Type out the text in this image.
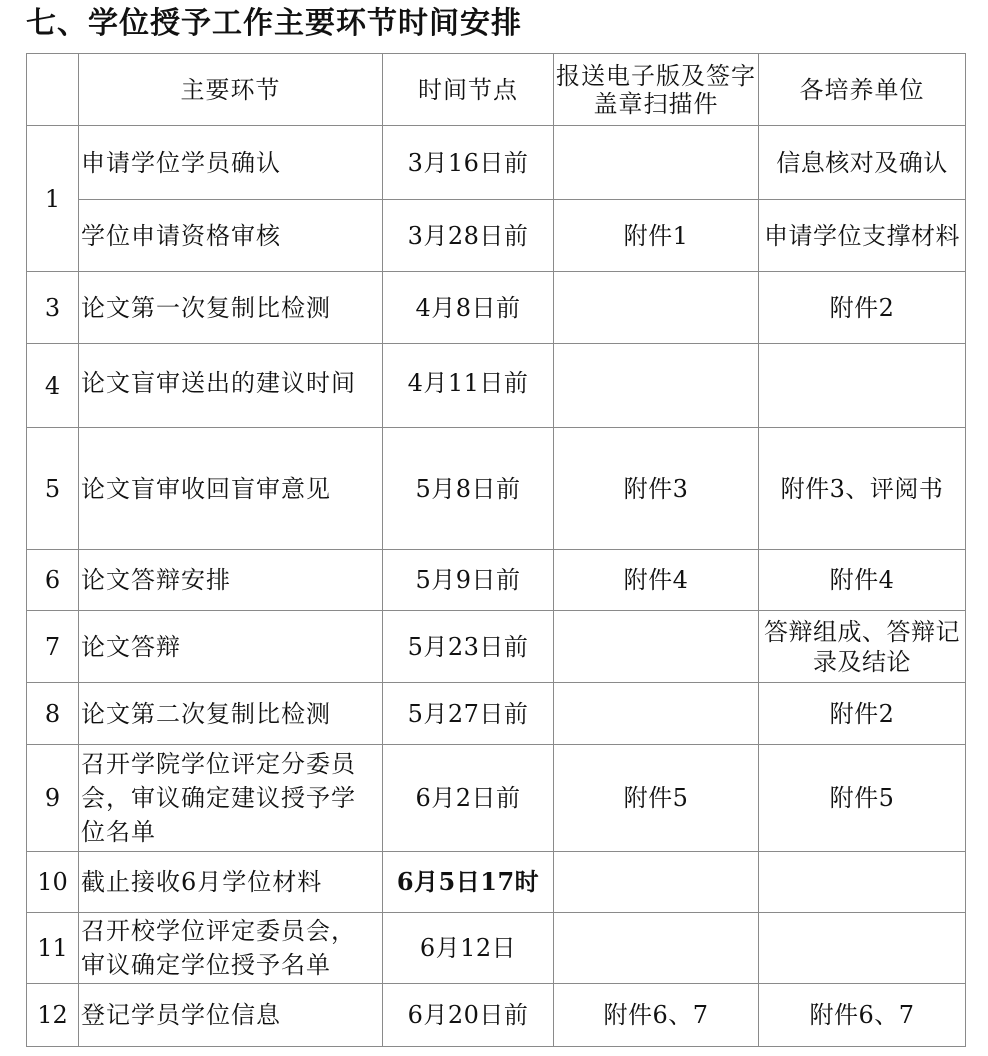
七、学位授予工作主要环节时间安排
	主要环节	时间节点	报送电子版及签字盖章扫描件	各培养单位
1	申请学位学员确认	3月16日前		信息核对及确认
	学位申请资格审核	3月28日前	附件1	申请学位支撑材料
3	论文第一次复制比检测	4月8日前		附件2
4	论文盲审送出的建议时间	4月11日前		
5	论文盲审收回盲审意见	5月8日前	附件3	附件3、评阅书
6	论文答辩安排	5月9日前	附件4	附件4
7	论文答辩	5月23日前		答辩组成、答辩记录及结论
8	论文第二次复制比检测	5月27日前		附件2
9	召开学院学位评定分委员会，审议确定建议授予学位名单	6月2日前	附件5	附件5
10	截止接收6月学位材料	6月5日17时		
11	召开校学位评定委员会，审议确定学位授予名单	6月12日		
12	登记学员学位信息	6月20日前	附件6、7	附件6、7
